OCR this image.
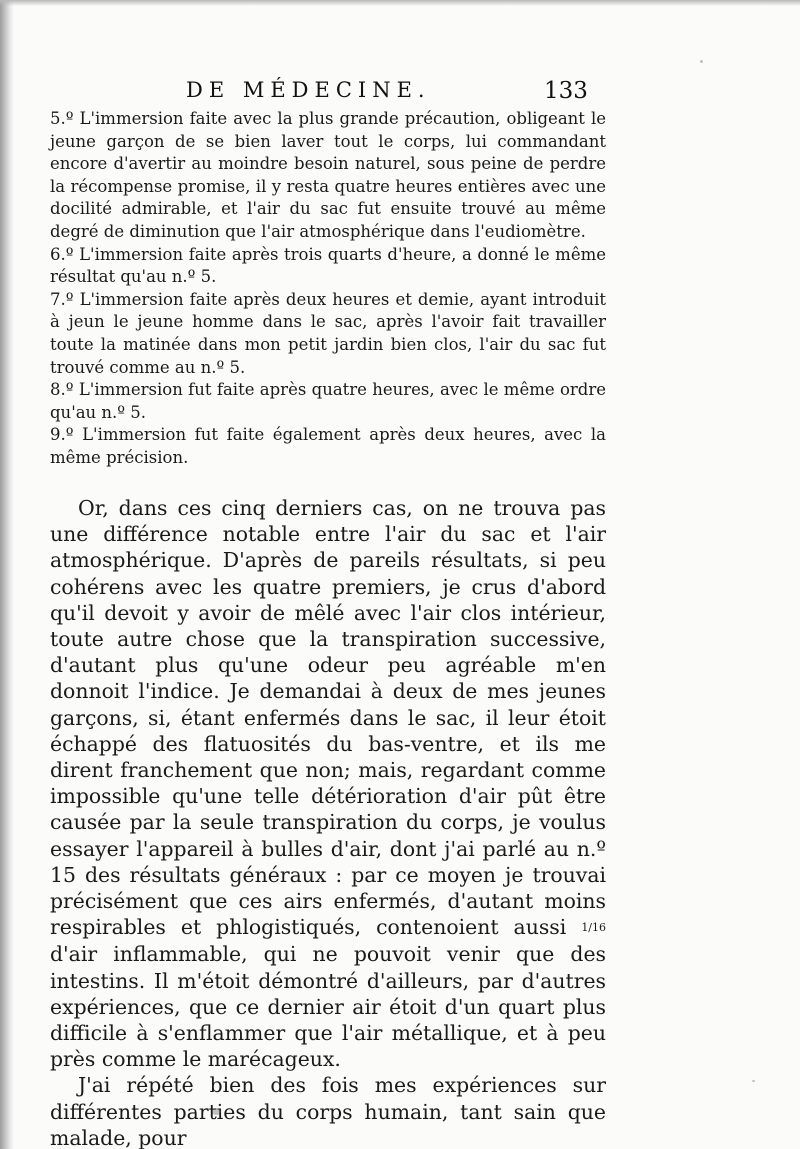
DE MÉDECINE.	133

5.º L'immersion faite avec la plus grande précaution, obligeant le jeune garçon de se bien laver tout le corps, lui commandant encore d'avertir au moindre besoin naturel, sous peine de perdre la récompense promise, il y resta quatre heures entières avec une docilité admirable, et l'air du sac fut ensuite trouvé au même degré de diminution que l'air atmosphérique dans l'eudiomètre.

6.º L'immersion faite après trois quarts d'heure, a donné le même résultat qu'au n.º 5.

7.º L'immersion faite après deux heures et demie, ayant introduit à jeun le jeune homme dans le sac, après l'avoir fait travailler toute la matinée dans mon petit jardin bien clos, l'air du sac fut trouvé comme au n.º 5.

8.º L'immersion fut faite après quatre heures, avec le même ordre qu'au n.º 5.

9.º L'immersion fut faite également après deux heures, avec la même précision.

Or, dans ces cinq derniers cas, on ne trouva pas une différence notable entre l'air du sac et l'air atmosphérique. D'après de pareils résultats, si peu cohérens avec les quatre premiers, je crus d'abord qu'il devoit y avoir de mêlé avec l'air clos intérieur, toute autre chose que la transpiration successive, d'autant plus qu'une odeur peu agréable m'en donnoit l'indice. Je demandai à deux de mes jeunes garçons, si, étant enfermés dans le sac, il leur étoit échappé des flatuosités du bas-ventre, et ils me dirent franchement que non; mais, regardant comme impossible qu'une telle détérioration d'air pût être causée par la seule transpiration du corps, je voulus essayer l'appareil à bulles d'air, dont j'ai parlé au n.º 15 des résultats généraux : par ce moyen je trouvai précisément que ces airs enfermés, d'autant moins respirables et phlogistiqués, contenoient aussi 1/16 d'air inflammable, qui ne pouvoit venir que des intestins. Il m'étoit démontré d'ailleurs, par d'autres expériences, que ce dernier air étoit d'un quart plus difficile à s'enflammer que l'air métallique, et à peu près comme le marécageux.

J'ai répété bien des fois mes expériences sur différentes parties du corps humain, tant sain que malade, pour
